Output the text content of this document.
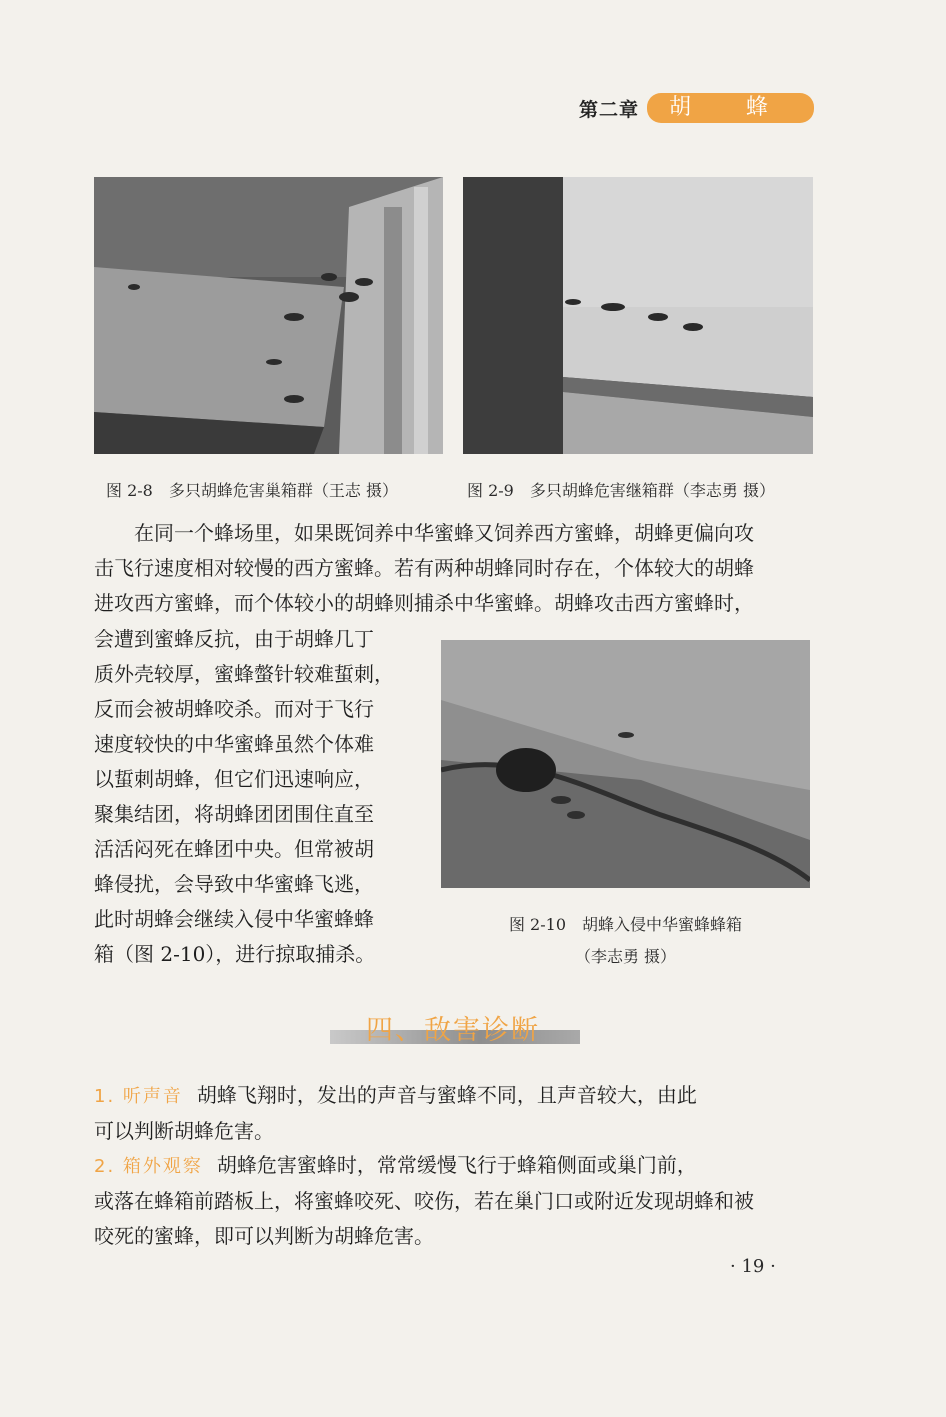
第二章	胡 蜂
图 2-8　多只胡蜂危害巢箱群（王志 摄）	图 2-9　多只胡蜂危害继箱群（李志勇 摄）
　　在同一个蜂场里，如果既饲养中华蜜蜂又饲养西方蜜蜂，胡蜂更偏向攻
击飞行速度相对较慢的西方蜜蜂。若有两种胡蜂同时存在，个体较大的胡蜂
进攻西方蜜蜂，而个体较小的胡蜂则捕杀中华蜜蜂。胡蜂攻击西方蜜蜂时，
会遭到蜜蜂反抗，由于胡蜂几丁
质外壳较厚，蜜蜂螫针较难蜇刺，
反而会被胡蜂咬杀。而对于飞行
速度较快的中华蜜蜂虽然个体难
以蜇刺胡蜂，但它们迅速响应，
聚集结团，将胡蜂团团围住直至
活活闷死在蜂团中央。但常被胡
蜂侵扰，会导致中华蜜蜂飞逃，
此时胡蜂会继续入侵中华蜜蜂蜂
箱（图 2-10），进行掠取捕杀。
图 2-10　胡蜂入侵中华蜜蜂蜂箱
（李志勇 摄）
四、敌害诊断
1. 听声音 胡蜂飞翔时，发出的声音与蜜蜂不同，且声音较大，由此
可以判断胡蜂危害。
2. 箱外观察 胡蜂危害蜜蜂时，常常缓慢飞行于蜂箱侧面或巢门前，
或落在蜂箱前踏板上，将蜜蜂咬死、咬伤，若在巢门口或附近发现胡蜂和被
咬死的蜜蜂，即可以判断为胡蜂危害。
· 19 ·
